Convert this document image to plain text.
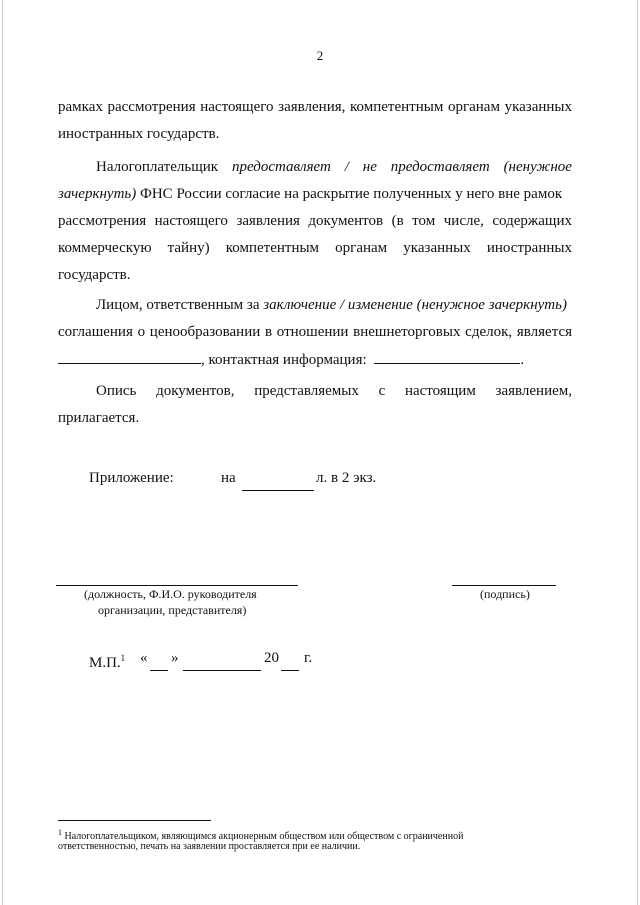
2
рамках рассмотрения настоящего заявления, компетентным органам указанных
иностранных государств.
Налогоплательщик предоставляет / не предоставляет (ненужное
зачеркнуть) ФНС России согласие на раскрытие полученных у него вне рамок
рассмотрения настоящего заявления документов (в том числе, содержащих
коммерческую тайну) компетентным органам указанных иностранных
государств.
Лицом, ответственным за заключение / изменение (ненужное зачеркнуть)
соглашения о ценообразовании в отношении внешнеторговых сделок, является
, контактная информация:	.
Опись документов, представляемых с настоящим заявлением,
прилагается.
Приложение:	на	л. в 2 экз.
(должность, Ф.И.О. руководителя
организации, представителя)
(подпись)
М.П.$^1$ « »	20 г.
$^1$ Налогоплательщиком, являющимся акционерным обществом или обществом с ограниченной
ответственностью, печать на заявлении проставляется при ее наличии.
